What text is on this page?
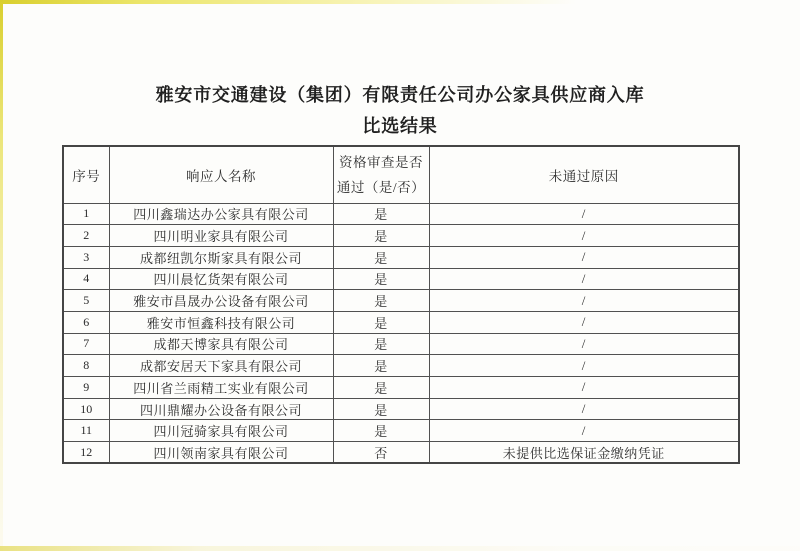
雅安市交通建设（集团）有限责任公司办公家具供应商入库
比选结果
序号	响应人名称	资格审查是否
通过（是/否）	未通过原因
1	四川鑫瑞达办公家具有限公司	是	/
2	四川明业家具有限公司	是	/
3	成都纽凯尔斯家具有限公司	是	/
4	四川晨忆货架有限公司	是	/
5	雅安市昌晟办公设备有限公司	是	/
6	雅安市恒鑫科技有限公司	是	/
7	成都天博家具有限公司	是	/
8	成都安居天下家具有限公司	是	/
9	四川省兰雨精工实业有限公司	是	/
10	四川鼎耀办公设备有限公司	是	/
11	四川冠骑家具有限公司	是	/
12	四川领南家具有限公司	否	未提供比选保证金缴纳凭证
